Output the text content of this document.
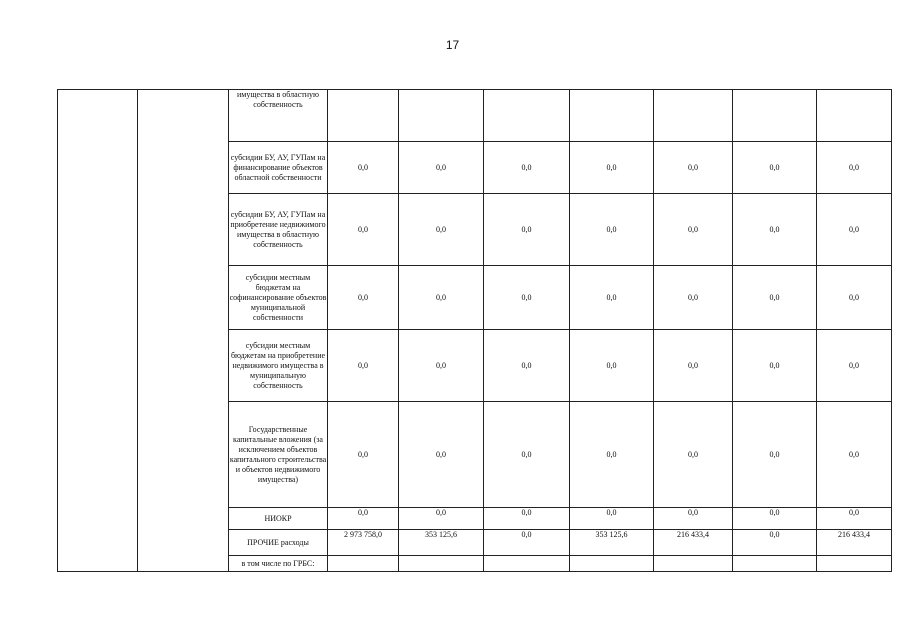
17
		имущества в областную собственность							
		субсидии БУ, АУ, ГУПам на финансирование объектов областной собственности	0,0	0,0	0,0	0,0	0,0	0,0	0,0
		субсидии БУ, АУ, ГУПам на приобретение недвижимого имущества в областную собственность	0,0	0,0	0,0	0,0	0,0	0,0	0,0
		субсидии местным бюджетам на софинансирование объектов муниципальной собственности	0,0	0,0	0,0	0,0	0,0	0,0	0,0
		субсидии местным бюджетам на приобретение недвижимого имущества в муниципальную собственность	0,0	0,0	0,0	0,0	0,0	0,0	0,0
		Государственные капитальные вложения (за исключением объектов капитального строительства и объектов недвижимого имущества)	0,0	0,0	0,0	0,0	0,0	0,0	0,0
		НИОКР	0,0	0,0	0,0	0,0	0,0	0,0	0,0
		ПРОЧИЕ расходы	2 973 758,0	353 125,6	0,0	353 125,6	216 433,4	0,0	216 433,4
		в том числе по ГРБС:							
